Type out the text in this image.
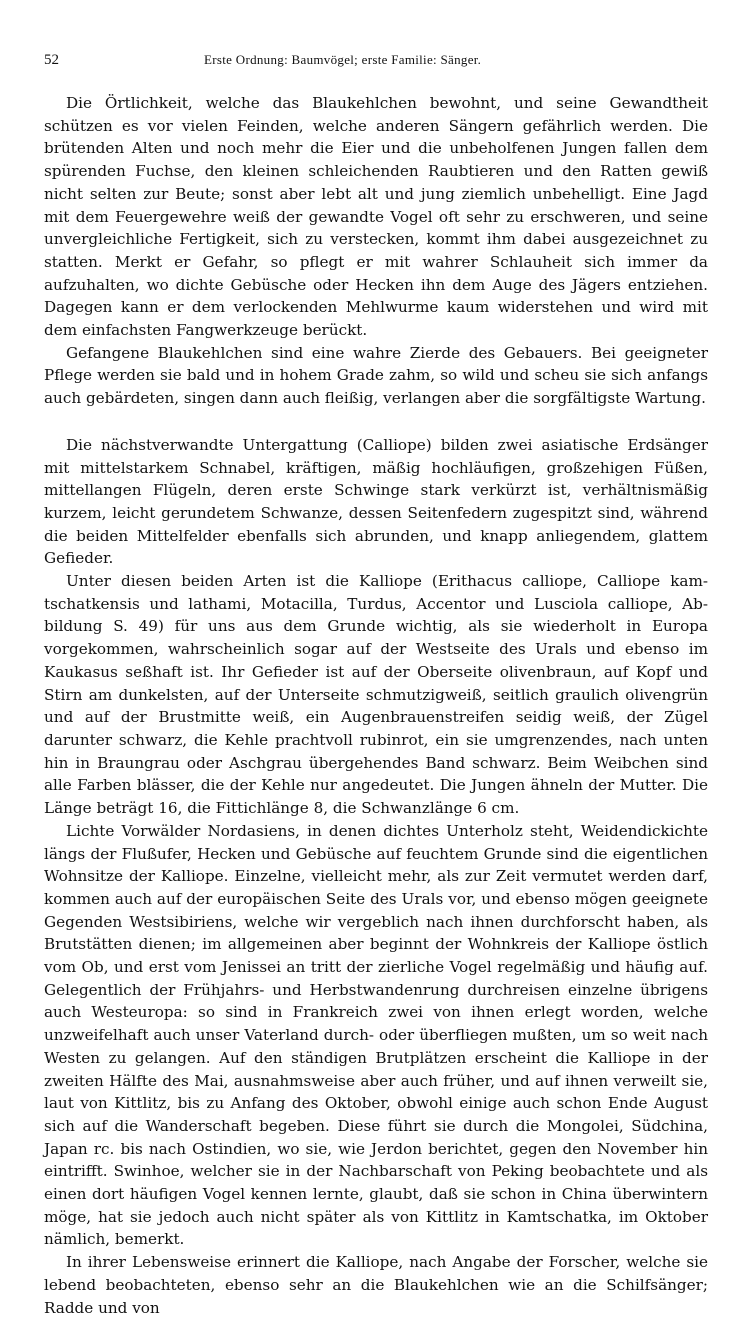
52	Erste Ordnung: Baumvögel; erste Familie: Sänger.

Die Örtlichkeit, welche das Blaukehlchen bewohnt, und seine Gewandtheit schützen es vor vielen Feinden, welche anderen Sängern gefährlich werden. Die brütenden Alten und noch mehr die Eier und die unbeholfenen Jungen fallen dem spürenden Fuchse, den kleinen schleichenden Raubtieren und den Ratten gewiß nicht selten zur Beute; sonst aber lebt alt und jung ziemlich unbehelligt. Eine Jagd mit dem Feuergewehre weiß der gewandte Vogel oft sehr zu erschweren, und seine unvergleichliche Fertigkeit, sich zu verstecken, kommt ihm dabei ausgezeichnet zu statten. Merkt er Gefahr, so pflegt er mit wahrer Schlauheit sich immer da aufzuhalten, wo dichte Gebüsche oder Hecken ihn dem Auge des Jägers entziehen. Dagegen kann er dem verlockenden Mehlwurme kaum widerstehen und wird mit dem einfachsten Fangwerkzeuge berückt.

Gefangene Blaukehlchen sind eine wahre Zierde des Gebauers. Bei geeigneter Pflege werden sie bald und in hohem Grade zahm, so wild und scheu sie sich anfangs auch gebärdeten, singen dann auch fleißig, verlangen aber die sorgfältigste Wartung.

Die nächstverwandte Untergattung (Calliope) bilden zwei asiatische Erdsänger mit mittelstarkem Schnabel, kräftigen, mäßig hochläufigen, großzehigen Füßen, mittellangen Flügeln, deren erste Schwinge stark verkürzt ist, verhältnismäßig kurzem, leicht gerundetem Schwanze, dessen Seitenfedern zugespitzt sind, während die beiden Mittelfelder ebenfalls sich abrunden, und knapp anliegendem, glattem Gefieder.

Unter diesen beiden Arten ist die Kalliope (Erithacus calliope, Calliope kamtschatkensis und lathami, Motacilla, Turdus, Accentor und Lusciola calliope, Abbildung S. 49) für uns aus dem Grunde wichtig, als sie wiederholt in Europa vorgekommen, wahrscheinlich sogar auf der Westseite des Urals und ebenso im Kaukasus seßhaft ist. Ihr Gefieder ist auf der Oberseite olivenbraun, auf Kopf und Stirn am dunkelsten, auf der Unterseite schmutzigweiß, seitlich graulich olivengrün und auf der Brustmitte weiß, ein Augenbrauenstreifen seidig weiß, der Zügel darunter schwarz, die Kehle prachtvoll rubinrot, ein sie umgrenzendes, nach unten hin in Braungrau oder Aschgrau übergehendes Band schwarz. Beim Weibchen sind alle Farben blässer, die der Kehle nur angedeutet. Die Jungen ähneln der Mutter. Die Länge beträgt 16, die Fittichlänge 8, die Schwanzlänge 6 cm.

Lichte Vorwälder Nordasiens, in denen dichtes Unterholz steht, Weidendickichte längs der Flußufer, Hecken und Gebüsche auf feuchtem Grunde sind die eigentlichen Wohnsitze der Kalliope. Einzelne, vielleicht mehr, als zur Zeit vermutet werden darf, kommen auch auf der europäischen Seite des Urals vor, und ebenso mögen geeignete Gegenden Westsibiriens, welche wir vergeblich nach ihnen durchforscht haben, als Brutstätten dienen; im allgemeinen aber beginnt der Wohnkreis der Kalliope östlich vom Ob, und erst vom Jenissei an tritt der zierliche Vogel regelmäßig und häufig auf. Gelegentlich der Frühjahrs- und Herbstwandenrung durchreisen einzelne übrigens auch Westeuropa: so sind in Frankreich zwei von ihnen erlegt worden, welche unzweifelhaft auch unser Vaterland durch- oder überfliegen mußten, um so weit nach Westen zu gelangen. Auf den ständigen Brutplätzen erscheint die Kalliope in der zweiten Hälfte des Mai, ausnahmsweise aber auch früher, und auf ihnen verweilt sie, laut von Kittlitz, bis zu Anfang des Oktober, obwohl einige auch schon Ende August sich auf die Wanderschaft begeben. Diese führt sie durch die Mongolei, Südchina, Japan rc. bis nach Ostindien, wo sie, wie Jerdon berichtet, gegen den November hin eintrifft. Swinhoe, welcher sie in der Nachbarschaft von Peking beobachtete und als einen dort häufigen Vogel kennen lernte, glaubt, daß sie schon in China überwintern möge, hat sie jedoch auch nicht später als von Kittlitz in Kamtschatka, im Oktober nämlich, bemerkt.

In ihrer Lebensweise erinnert die Kalliope, nach Angabe der Forscher, welche sie lebend beobachteten, ebenso sehr an die Blaukehlchen wie an die Schilfsänger; Radde und von
